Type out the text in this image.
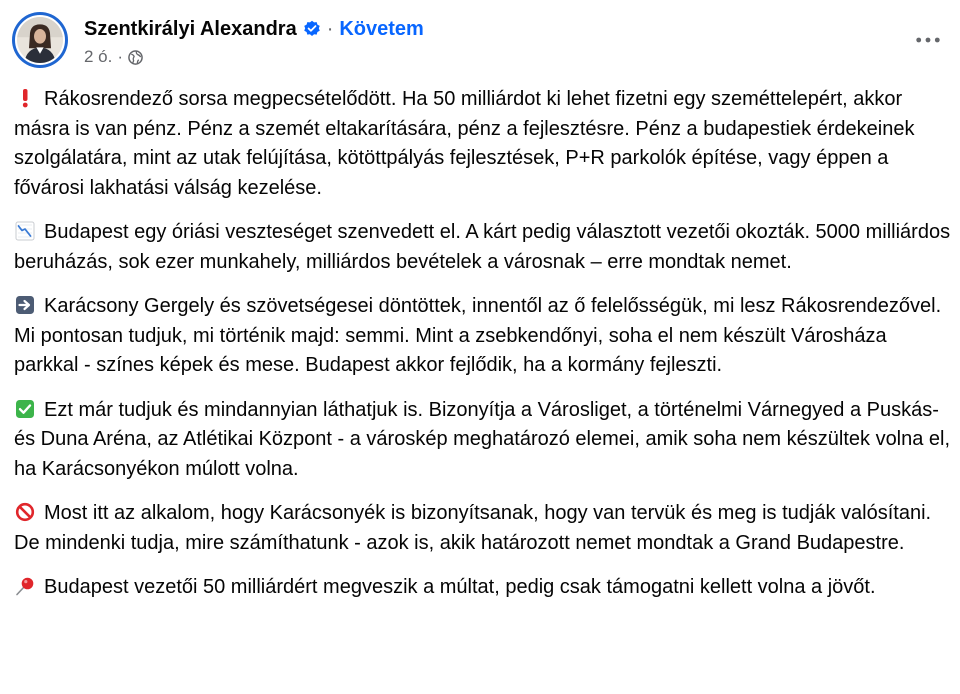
Szentkirályi Alexandra · Követem
2 ó. ·

Rákosrendező sorsa megpecsételődött. Ha 50 milliárdot ki lehet fizetni egy szeméttelepért, akkor másra is van pénz. Pénz a szemét eltakarítására, pénz a fejlesztésre. Pénz a budapestiek érdekeinek szolgálatára, mint az utak felújítása, kötöttpályás fejlesztések, P+R parkolók építése, vagy éppen a fővárosi lakhatási válság kezelése.

Budapest egy óriási veszteséget szenvedett el. A kárt pedig választott vezetői okozták. 5000 milliárdos beruházás, sok ezer munkahely, milliárdos bevételek a városnak – erre mondtak nemet.

Karácsony Gergely és szövetségesei döntöttek, innentől az ő felelősségük, mi lesz Rákosrendezővel. Mi pontosan tudjuk, mi történik majd: semmi. Mint a zsebkendőnyi, soha el nem készült Városháza parkkal - színes képek és mese. Budapest akkor fejlődik, ha a kormány fejleszti.

Ezt már tudjuk és mindannyian láthatjuk is. Bizonyítja a Városliget, a történelmi Várnegyed a Puskás- és Duna Aréna, az Atlétikai Központ - a városkép meghatározó elemei, amik soha nem készültek volna el, ha Karácsonyékon múlott volna.

Most itt az alkalom, hogy Karácsonyék is bizonyítsanak, hogy van tervük és meg is tudják valósítani. De mindenki tudja, mire számíthatunk - azok is, akik határozott nemet mondtak a Grand Budapestre.

Budapest vezetői 50 milliárdért megveszik a múltat, pedig csak támogatni kellett volna a jövőt.
